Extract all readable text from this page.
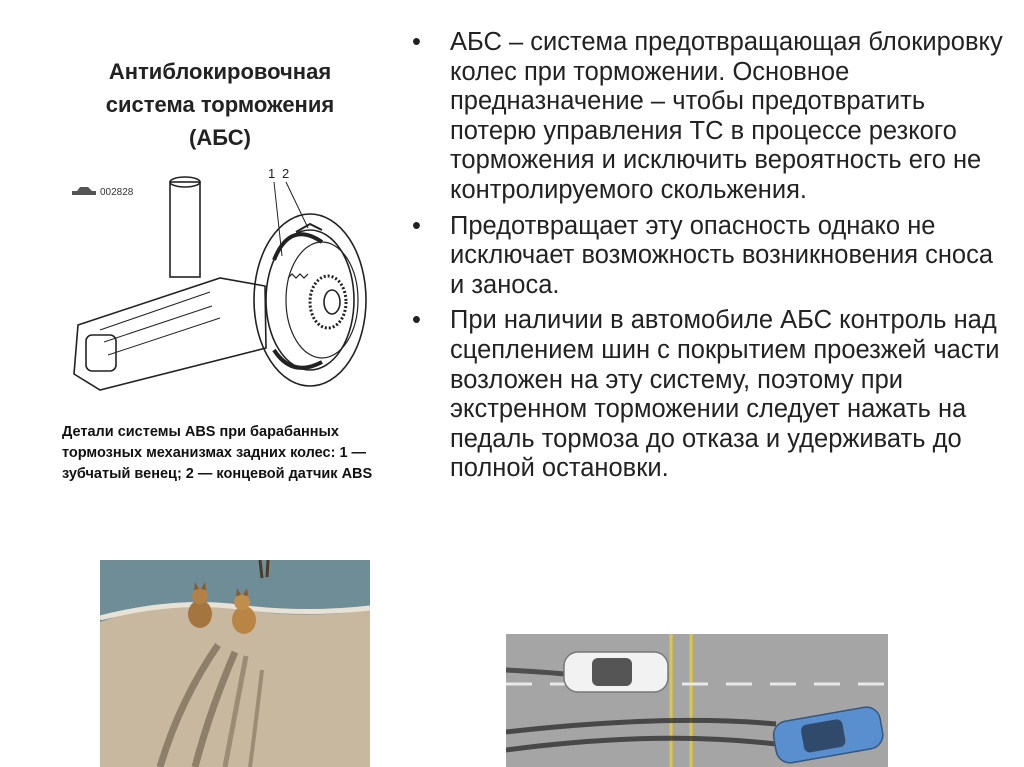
Антиблокировочная
система торможения
(АБС)
002828
1 2
Детали системы ABS при барабанных тормозных механизмах задних колес: 1 — зубчатый венец; 2 — концевой датчик ABS
• АБС – система предотвращающая блокировку колес при торможении. Основное предназначение – чтобы предотвратить потерю управления ТС в процессе резкого торможения и исключить вероятность его не контролируемого скольжения.
• Предотвращает эту опасность однако не исключает возможность возникновения сноса и заноса.
• При наличии в автомобиле АБС контроль над сцеплением шин с покрытием проезжей части возложен на эту систему, поэтому при экстренном торможении следует нажать на педаль тормоза до отказа и удерживать до полной остановки.
